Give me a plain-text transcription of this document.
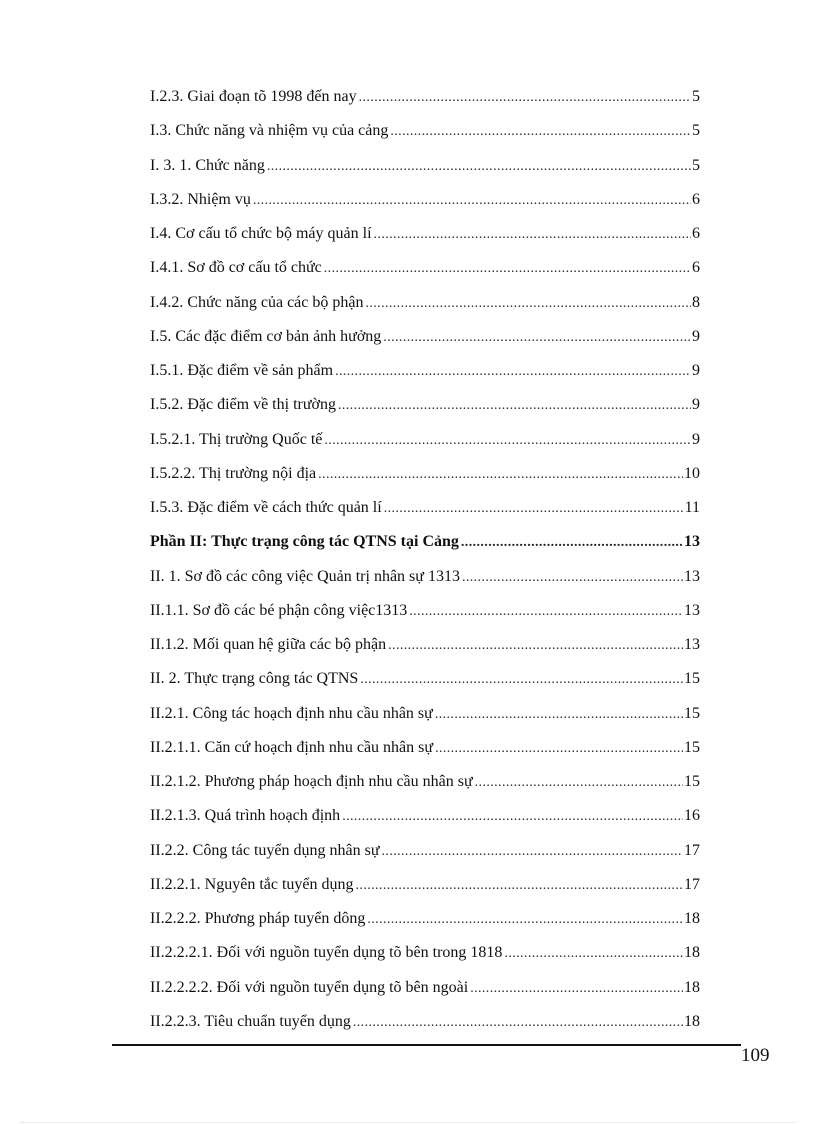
I.2.3. Giai đoạn tõ 1998 đến nay .....	5
I.3. Chức năng và nhiệm vụ của cảng .....	5
I. 3. 1. Chức năng .....	5
I.3.2. Nhiệm vụ .....	6
I.4. Cơ cấu tổ chức bộ máy quản lí .....	6
I.4.1. Sơ đồ cơ cấu tổ chức .....	6
I.4.2. Chức năng của các bộ phận .....	8
I.5. Các đặc điểm cơ bản ảnh hưởng .....	9
I.5.1. Đặc điểm về sản phẩm .....	9
I.5.2. Đặc điểm về thị trường .....	9
I.5.2.1. Thị trường Quốc tế .....	9
I.5.2.2. Thị trường nội địa .....	10
I.5.3. Đặc điểm về cách thức quản lí .....	11
Phần II: Thực trạng công tác QTNS tại Cảng .....	13
II. 1. Sơ đồ các công việc Quản trị nhân sự 1313 .....	13
II.1.1. Sơ đồ các bé phận công việc1313 .....	13
II.1.2. Mối quan hệ giữa các bộ phận .....	13
II. 2. Thực trạng công tác QTNS .....	15
II.2.1. Công tác hoạch định nhu cầu nhân sự .....	15
II.2.1.1. Căn cứ hoạch định nhu cầu nhân sự .....	15
II.2.1.2. Phương pháp hoạch định nhu cầu nhân sự .....	15
II.2.1.3. Quá trình hoạch định .....	16
II.2.2. Công tác tuyển dụng nhân sự .....	17
II.2.2.1. Nguyên tắc tuyển dụng .....	17
II.2.2.2. Phương pháp tuyển dông .....	18
II.2.2.2.1. Đối với nguồn tuyển dụng tõ bên trong 1818 .....	18
II.2.2.2.2. Đối với nguồn tuyển dụng tõ bên ngoài .....	18
II.2.2.3. Tiêu chuẩn tuyển dụng .....	18
109
